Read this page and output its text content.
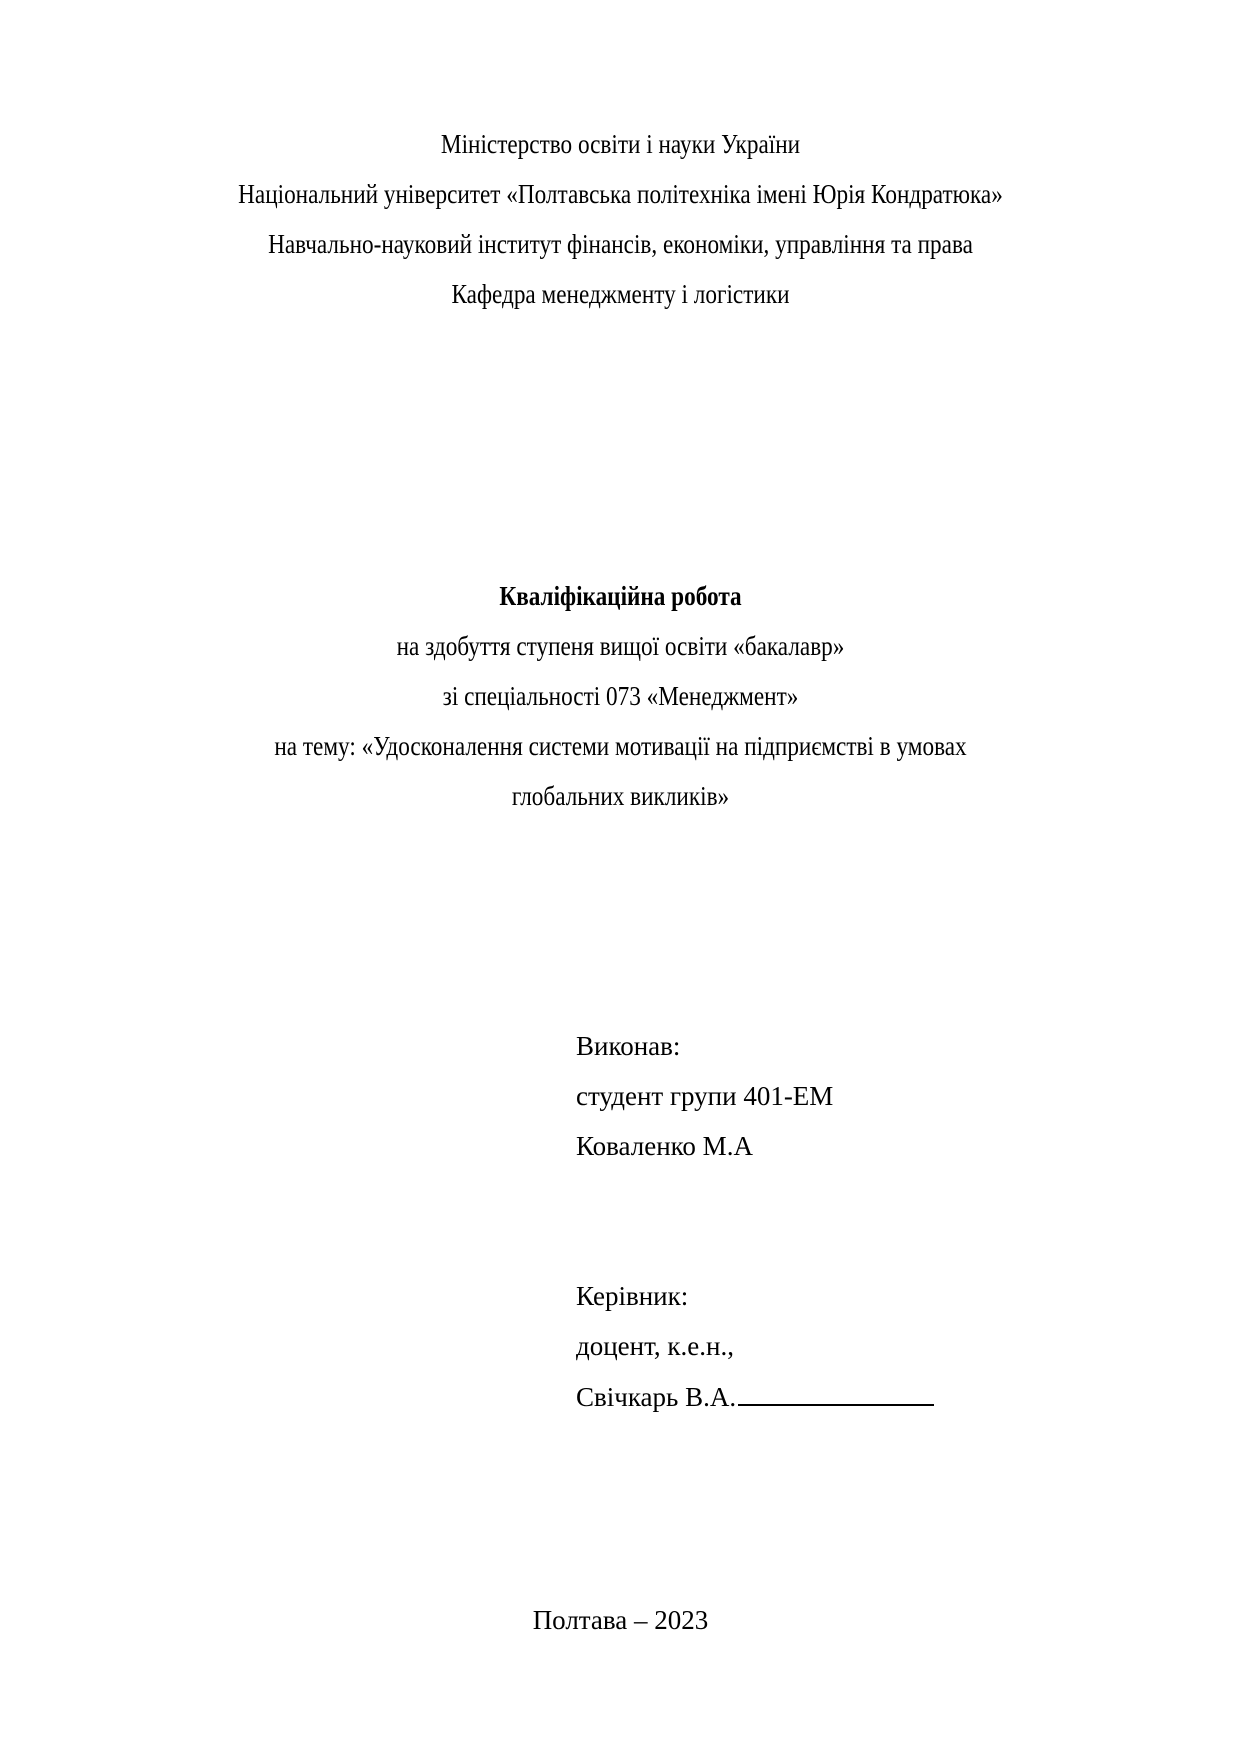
Міністерство освіти і науки України
Національний університет «Полтавська політехніка імені Юрія Кондратюка»
Навчально-науковий інститут фінансів, економіки, управління та права
Кафедра менеджменту і логістики
Кваліфікаційна робота
на здобуття ступеня вищої освіти «бакалавр»
зі спеціальності 073 «Менеджмент»
на тему: «Удосконалення системи мотивації на підприємстві в умовах
глобальних викликів»
Виконав:
студент групи 401-ЕМ
Коваленко М.А
Керівник:
доцент, к.е.н.,
Свічкарь В.А.
Полтава – 2023
